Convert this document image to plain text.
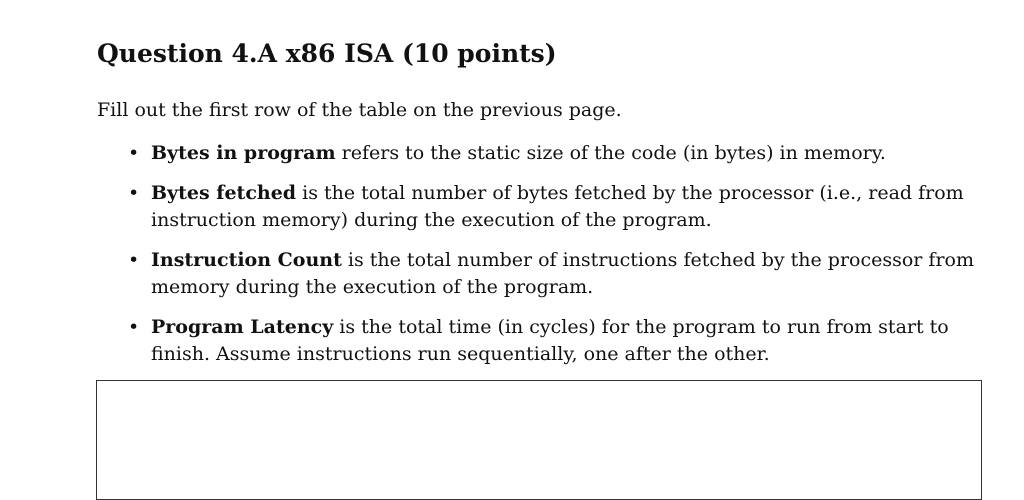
Question 4.A x86 ISA (10 points)

Fill out the first row of the table on the previous page.

• Bytes in program refers to the static size of the code (in bytes) in memory.
• Bytes fetched is the total number of bytes fetched by the processor (i.e., read from instruction memory) during the execution of the program.
• Instruction Count is the total number of instructions fetched by the processor from memory during the execution of the program.
• Program Latency is the total time (in cycles) for the program to run from start to finish. Assume instructions run sequentially, one after the other.
